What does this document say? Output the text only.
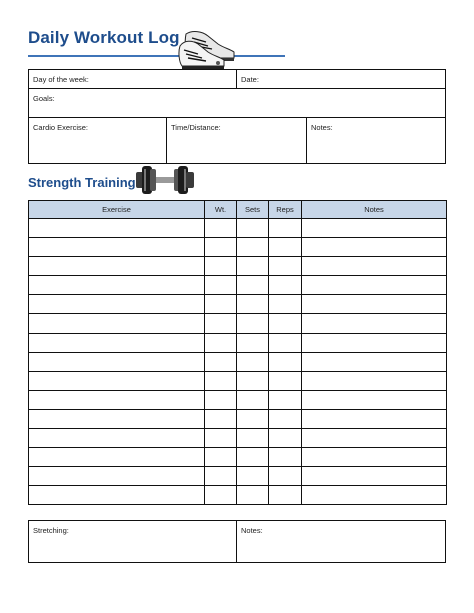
Daily Workout Log
Day of the week:	Date:
Goals:
Cardio Exercise:	Time/Distance:	Notes:
Strength Training
Exercise	Wt.	Sets	Reps	Notes

Stretching:	Notes:
